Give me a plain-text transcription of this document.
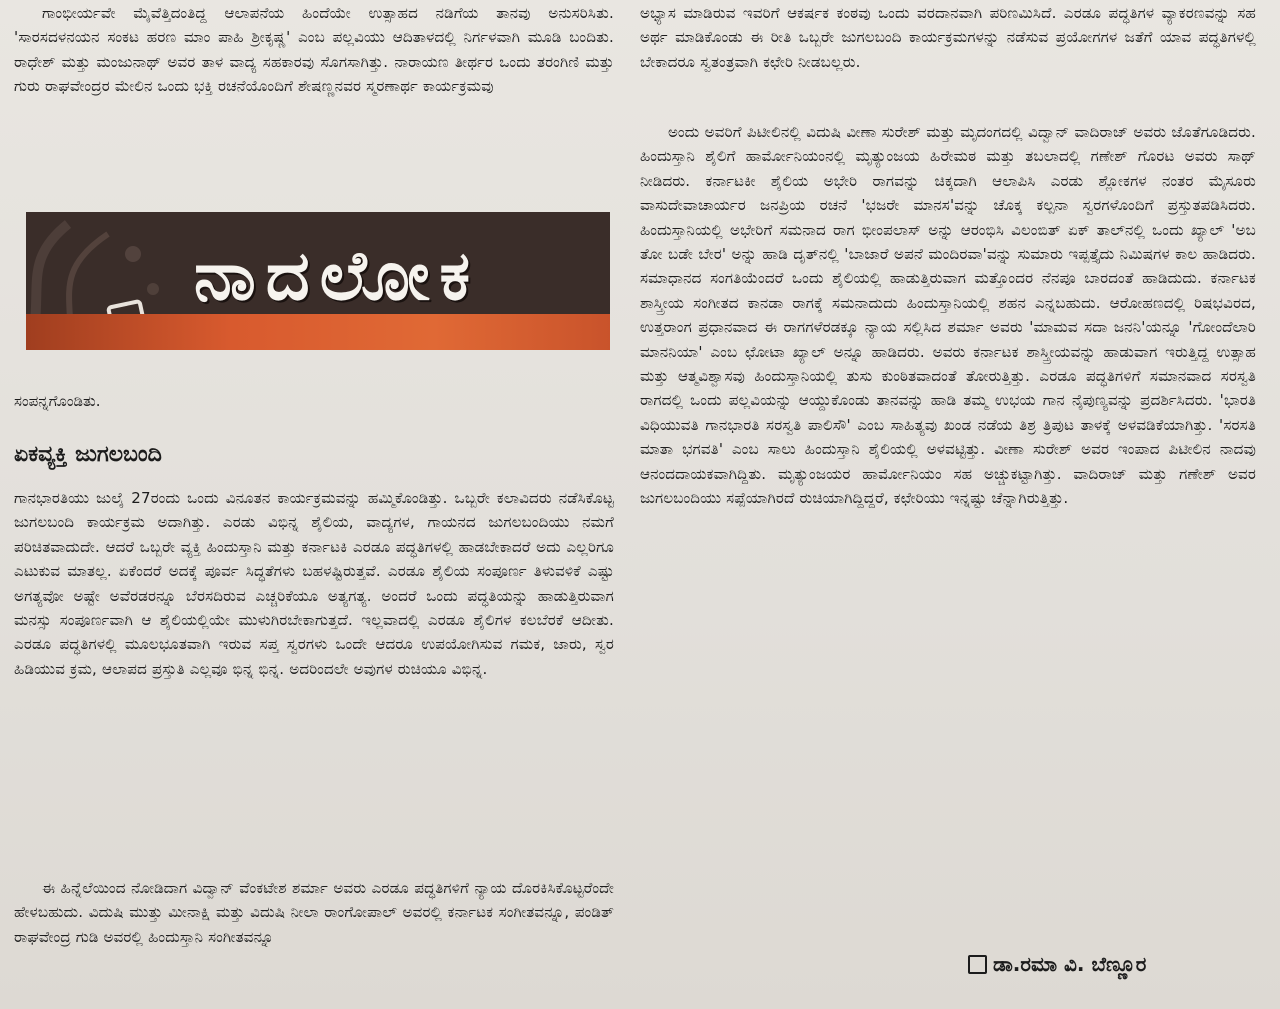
ಗಾಂಭೀರ್ಯವೇ ಮೈವೆತ್ತಿದಂತಿದ್ದ ಆಲಾಪನೆಯ ಹಿಂದೆಯೇ ಉತ್ಸಾಹದ ನಡಿಗೆಯ ತಾನವು ಅನುಸರಿಸಿತು. 'ಸಾರಸದಳನಯನ ಸಂಕಟ ಹರಣ ಮಾಂ ಪಾಹಿ ಶ್ರೀಕೃಷ್ಣ' ಎಂಬ ಪಲ್ಲವಿಯು ಆದಿತಾಳದಲ್ಲಿ ನಿರ್ಗಳವಾಗಿ ಮೂಡಿ ಬಂದಿತು. ರಾಧೇಶ್ ಮತ್ತು ಮಂಜುನಾಥ್ ಅವರ ತಾಳ ವಾದ್ಯ ಸಹಕಾರವು ಸೊಗಸಾಗಿತ್ತು. ನಾರಾಯಣ ತೀರ್ಥರ ಒಂದು ತರಂಗಿಣಿ ಮತ್ತು ಗುರು ರಾಘವೇಂದ್ರರ ಮೇಲಿನ ಒಂದು ಭಕ್ತಿ ರಚನೆಯೊಂದಿಗೆ ಶೇಷಣ್ಣನವರ ಸ್ಮರಣಾರ್ಥ ಕಾರ್ಯಕ್ರಮವು

ನಾದಲೋಕ
ಸಂಪನ್ನಗೊಂಡಿತು.
ಏಕವ್ಯಕ್ತಿ ಜುಗಲಬಂದಿ

ಗಾನಭಾರತಿಯು ಜುಲೈ 27ರಂದು ಒಂದು ವಿನೂತನ ಕಾರ್ಯಕ್ರಮವನ್ನು ಹಮ್ಮಿಕೊಂಡಿತ್ತು. ಒಬ್ಬರೇ ಕಲಾವಿದರು ನಡೆಸಿಕೊಟ್ಟ ಜುಗಲಬಂದಿ ಕಾರ್ಯಕ್ರಮ ಅದಾಗಿತ್ತು. ಎರಡು ವಿಭಿನ್ನ ಶೈಲಿಯ, ವಾದ್ಯಗಳ, ಗಾಯನದ ಜುಗಲಬಂದಿಯು ನಮಗೆ ಪರಿಚಿತವಾದುದೇ. ಆದರೆ ಒಬ್ಬರೇ ವ್ಯಕ್ತಿ ಹಿಂದುಸ್ತಾನಿ ಮತ್ತು ಕರ್ನಾಟಕಿ ಎರಡೂ ಪದ್ಧತಿಗಳಲ್ಲಿ ಹಾಡಬೇಕಾದರೆ ಅದು ಎಲ್ಲರಿಗೂ ಎಟುಕುವ ಮಾತಲ್ಲ. ಏಕೆಂದರೆ ಅದಕ್ಕೆ ಪೂರ್ವ ಸಿದ್ಧತೆಗಳು ಬಹಳಷ್ಟಿರುತ್ತವೆ. ಎರಡೂ ಶೈಲಿಯ ಸಂಪೂರ್ಣ ತಿಳುವಳಿಕೆ ಎಷ್ಟು ಅಗತ್ಯವೋ ಅಷ್ಟೇ ಅವೆರಡರ‍ನ್ನೂ ಬೆರಸದಿರುವ ಎಚ್ಚರಿಕೆಯೂ ಅತ್ಯಗತ್ಯ. ಅಂದರೆ ಒಂದು ಪದ್ಧತಿಯನ್ನು ಹಾಡುತ್ತಿರುವಾಗ ಮನಸ್ಸು ಸಂಪೂರ್ಣವಾಗಿ ಆ ಶೈಲಿಯಲ್ಲಿಯೇ ಮುಳುಗಿರಬೇಕಾಗುತ್ತದೆ. ಇಲ್ಲವಾದಲ್ಲಿ ಎರಡೂ ಶೈಲಿಗಳ ಕಲಬೆರಕೆ ಆದೀತು. ಎರಡೂ ಪದ್ಧತಿಗಳಲ್ಲಿ ಮೂಲಭೂತವಾಗಿ ಇರುವ ಸಪ್ತ ಸ್ವರಗಳು ಒಂದೇ ಆದರೂ ಉಪಯೋಗಿಸುವ ಗಮಕ, ಜಾರು, ಸ್ವರ ಹಿಡಿಯುವ ಕ್ರಮ, ಆಲಾಪದ ಪ್ರಸ್ತುತಿ ಎಲ್ಲವೂ ಭಿನ್ನ ಭಿನ್ನ. ಅದರಿಂದಲೇ ಅವುಗಳ ರುಚಿಯೂ ವಿಭಿನ್ನ.

ಈ ಹಿನ್ನೆಲೆಯಿಂದ ನೋಡಿದಾಗ ವಿದ್ವಾನ್ ವೆಂಕಟೇಶ ಶರ್ಮಾ ಅವರು ಎರಡೂ ಪದ್ಧತಿಗಳಿಗೆ ನ್ಯಾಯ ದೊರಕಿಸಿಕೊಟ್ಟರೆಂದೇ ಹೇಳಬಹುದು. ವಿದುಷಿ ಮುತ್ತು ಮೀನಾಕ್ಷಿ ಮತ್ತು ವಿದುಷಿ ನೀಲಾ ರಾಂಗೋಪಾಲ್ ಅವರಲ್ಲಿ ಕರ್ನಾಟಕ ಸಂಗೀತವನ್ನೂ, ಪಂಡಿತ್ ರಾಘವೇಂದ್ರ ಗುಡಿ ಅವರಲ್ಲಿ ಹಿಂದುಸ್ತಾನಿ ಸಂಗೀತವನ್ನೂ

ಅಭ್ಯಾಸ ಮಾಡಿರುವ ಇವರಿಗೆ ಆಕರ್ಷಕ ಕಂಠವು ಒಂದು ವರದಾನವಾಗಿ ಪರಿಣಮಿಸಿದೆ. ಎರಡೂ ಪದ್ಧತಿಗಳ ವ್ಯಾಕರಣವನ್ನು ಸಹ ಅರ್ಥ ಮಾಡಿಕೊಂಡು ಈ ರೀತಿ ಒಬ್ಬರೇ ಜುಗಲಬಂದಿ ಕಾರ್ಯಕ್ರಮಗಳನ್ನು ನಡೆಸುವ ಪ್ರಯೋಗಗಳ ಜತೆಗೆ ಯಾವ ಪದ್ಧತಿಗಳಲ್ಲಿ ಬೇಕಾದರೂ ಸ್ವತಂತ್ರವಾಗಿ ಕಛೇರಿ ನೀಡಬಲ್ಲರು.

ಅಂದು ಅವರಿಗೆ ಪಿಟೀಲಿನಲ್ಲಿ ವಿದುಷಿ ವೀಣಾ ಸುರೇಶ್ ಮತ್ತು ಮೃದಂಗದಲ್ಲಿ ವಿದ್ವಾನ್ ವಾದಿರಾಜ್ ಅವರು ಜೊತೆಗೂಡಿದರು. ಹಿಂದುಸ್ತಾನಿ ಶೈಲಿಗೆ ಹಾರ್ಮೋನಿಯಂನಲ್ಲಿ ಮೃತ್ಯುಂಜಯ ಹಿರೇಮಠ ಮತ್ತು ತಬಲಾದಲ್ಲಿ ಗಣೇಶ್ ಗೊರಟ ಅವರು ಸಾಥ್ ನೀಡಿದರು. ಕರ್ನಾಟಕೀ ಶೈಲಿಯ ಅಭೇರಿ ರಾಗವನ್ನು ಚಿಕ್ಕದಾಗಿ ಆಲಾಪಿಸಿ ಎರಡು ಶ್ಲೋಕಗಳ ನಂತರ ಮೈಸೂರು ವಾಸುದೇವಾಚಾರ್ಯರ ಜನಪ್ರಿಯ ರಚನೆ 'ಭಜರೇ ಮಾನಸ'ವನ್ನು ಚೊಕ್ಕ ಕಲ್ಪನಾ ಸ್ವರಗಳೊಂದಿಗೆ ಪ್ರಸ್ತುತಪಡಿಸಿದರು. ಹಿಂದುಸ್ತಾನಿಯಲ್ಲಿ ಅಭೇರಿಗೆ ಸಮನಾದ ರಾಗ ಭೀಂಪಲಾಸ್ ಅನ್ನು ಆರಂಭಿಸಿ ವಿಲಂಬಿತ್ ಏಕ್ ತಾಲ್‌ನಲ್ಲಿ ಒಂದು ಖ್ಯಾಲ್ 'ಅಬ ತೋ ಬಡೇ ಬೇರ' ಅನ್ನು ಹಾಡಿ ದೃತ್‌ನಲ್ಲಿ 'ಬಾಜಾರೆ ಅಪನೆ ಮಂದಿರವಾ'ವನ್ನು ಸುಮಾರು ಇಪ್ಪತ್ತೈದು ನಿಮಿಷಗಳ ಕಾಲ ಹಾಡಿದರು. ಸಮಾಧಾನದ ಸಂಗತಿಯೆಂದರೆ ಒಂದು ಶೈಲಿಯಲ್ಲಿ ಹಾಡುತ್ತಿರುವಾಗ ಮತ್ತೊಂದರ ನೆನಪೂ ಬಾರದಂತೆ ಹಾಡಿದುದು. ಕರ್ನಾಟಕ ಶಾಸ್ತ್ರೀಯ ಸಂಗೀತದ ಕಾನಡಾ ರಾಗಕ್ಕೆ ಸಮನಾದುದು ಹಿಂದುಸ್ತಾನಿಯಲ್ಲಿ ಶಹನ ಎನ್ನಬಹುದು. ಆರೋಹಣದಲ್ಲಿ ರಿಷಭವಿರದ, ಉತ್ತರಾಂಗ ಪ್ರಧಾನವಾದ ಈ ರಾಗಗಳೆರಡಕ್ಕೂ ನ್ಯಾಯ ಸಲ್ಲಿಸಿದ ಶರ್ಮಾ ಅವರು 'ಮಾಮವ ಸದಾ ಜನನಿ'ಯನ್ನೂ 'ಗೋಂದೆಲಾರಿ ಮಾನನಿಯಾ' ಎಂಬ ಛೋಟಾ ಖ್ಯಾಲ್ ಅನ್ನೂ ಹಾಡಿದರು. ಅವರು ಕರ್ನಾಟಕ ಶಾಸ್ತ್ರೀಯವನ್ನು ಹಾಡುವಾಗ ಇರುತ್ತಿದ್ದ ಉತ್ಸಾಹ ಮತ್ತು ಆತ್ಮವಿಶ್ವಾಸವು ಹಿಂದುಸ್ತಾನಿಯಲ್ಲಿ ತುಸು ಕುಂಠಿತವಾದಂತೆ ತೋರುತ್ತಿತ್ತು. ಎರಡೂ ಪದ್ಧತಿಗಳಿಗೆ ಸಮಾನವಾದ ಸರಸ್ವತಿ ರಾಗದಲ್ಲಿ ಒಂದು ಪಲ್ಲವಿಯನ್ನು ಆಯ್ದುಕೊಂಡು ತಾನವನ್ನು ಹಾಡಿ ತಮ್ಮ ಉಭಯ ಗಾನ ನೈಪುಣ್ಯವನ್ನು ಪ್ರದರ್ಶಿಸಿದರು. 'ಭಾರತಿ ವಿಧಿಯುವತಿ ಗಾನಭಾರತಿ ಸರಸ್ವತಿ ಪಾಲಿಸೌ' ಎಂಬ ಸಾಹಿತ್ಯವು ಖಂಡ ನಡೆಯ ತಿಶ್ರ ತ್ರಿಪುಟ ತಾಳಕ್ಕೆ ಅಳವಡಿಕೆಯಾಗಿತ್ತು. 'ಸರಸತಿ ಮಾತಾ ಭಗವತಿ' ಎಂಬ ಸಾಲು ಹಿಂದುಸ್ತಾನಿ ಶೈಲಿಯಲ್ಲಿ ಅಳವಟ್ಟಿತ್ತು. ವೀಣಾ ಸುರೇಶ್ ಅವರ ಇಂಪಾದ ಪಿಟೀಲಿನ ನಾದವು ಆನಂದದಾಯಕವಾಗಿದ್ದಿತು. ಮೃತ್ಯುಂಜಯರ ಹಾರ್ಮೋನಿಯಂ ಸಹ ಅಚ್ಚುಕಟ್ಟಾಗಿತ್ತು. ವಾದಿರಾಜ್ ಮತ್ತು ಗಣೇಶ್ ಅವರ ಜುಗಲಬಂದಿಯು ಸಪ್ಪೆಯಾಗಿರದೆ ರುಚಿಯಾಗಿದ್ದಿದ್ದರೆ, ಕಛೇರಿಯು ಇನ್ನಷ್ಟು ಚೆನ್ನಾಗಿರುತ್ತಿತ್ತು.

ಡಾ.ರಮಾ ವಿ. ಬೆಣ್ಣೂರ
